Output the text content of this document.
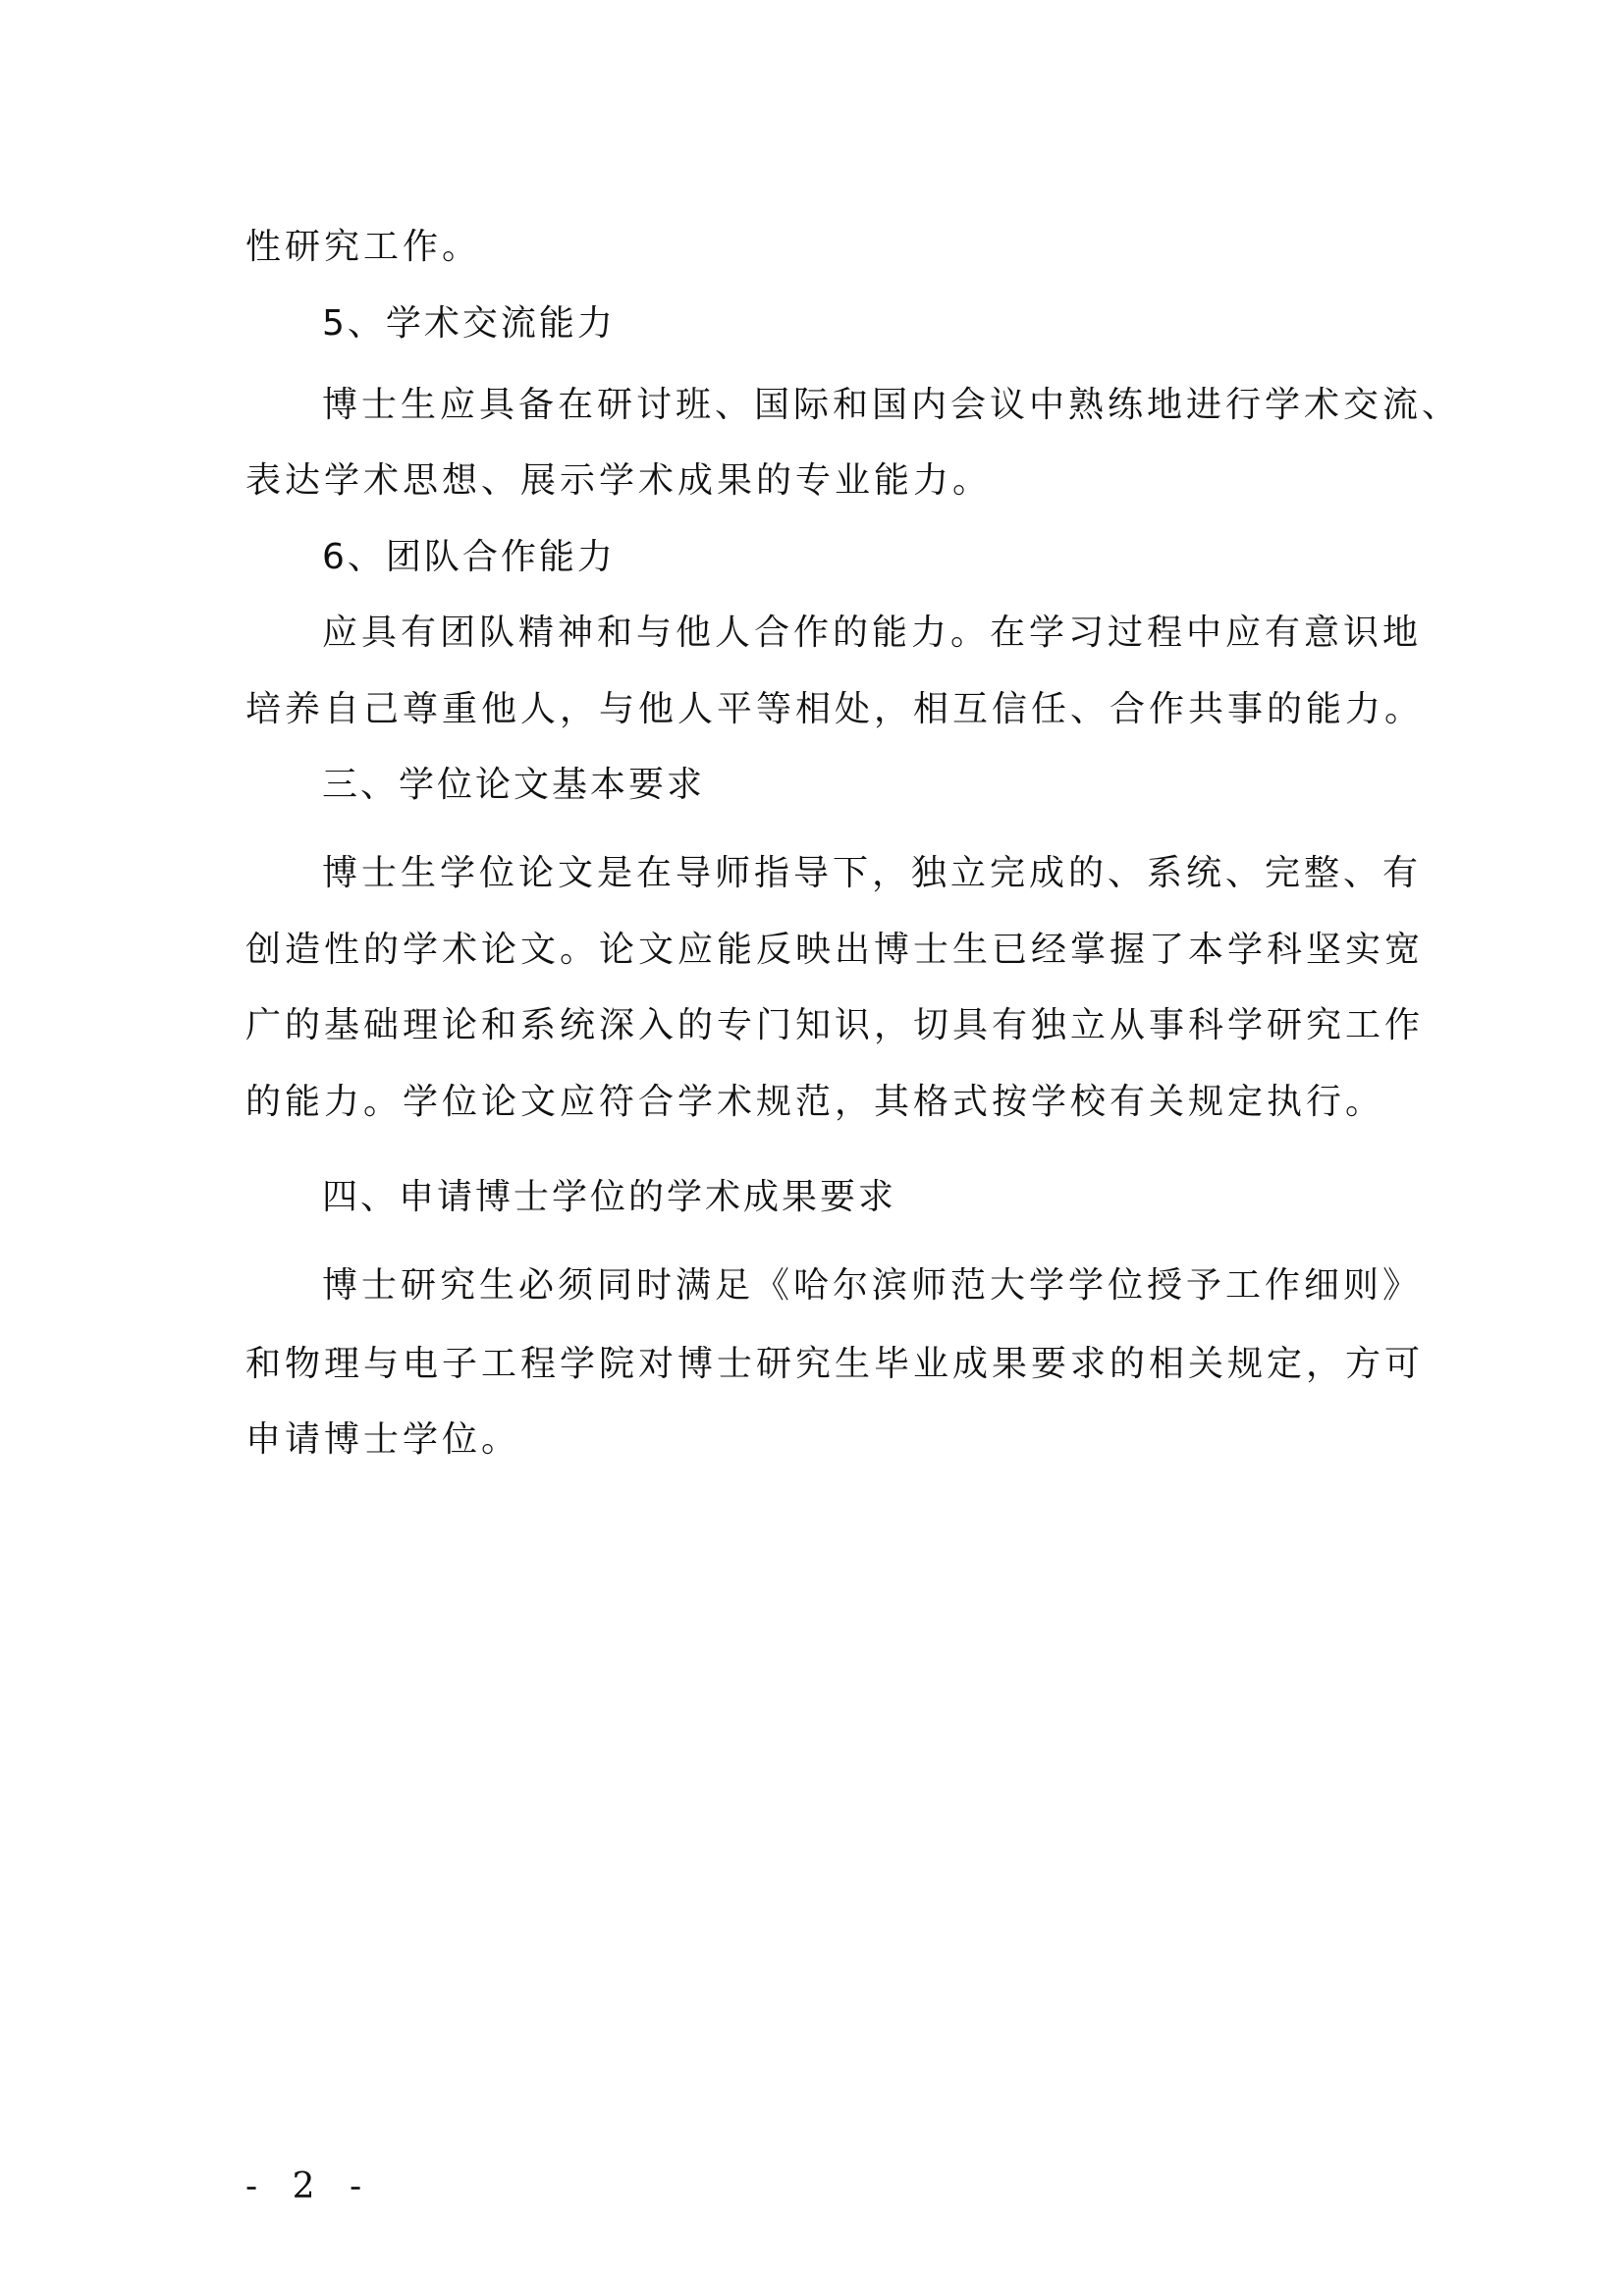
性研究工作。
5、学术交流能力
博士生应具备在研讨班、国际和国内会议中熟练地进行学术交流、
表达学术思想、展示学术成果的专业能力。
6、团队合作能力
应具有团队精神和与他人合作的能力。在学习过程中应有意识地
培养自己尊重他人，与他人平等相处，相互信任、合作共事的能力。
三、学位论文基本要求
博士生学位论文是在导师指导下，独立完成的、系统、完整、有
创造性的学术论文。论文应能反映出博士生已经掌握了本学科坚实宽
广的基础理论和系统深入的专门知识，切具有独立从事科学研究工作
的能力。学位论文应符合学术规范，其格式按学校有关规定执行。
四、申请博士学位的学术成果要求
博士研究生必须同时满足《哈尔滨师范大学学位授予工作细则》
和物理与电子工程学院对博士研究生毕业成果要求的相关规定，方可
申请博士学位。
- 2 -
